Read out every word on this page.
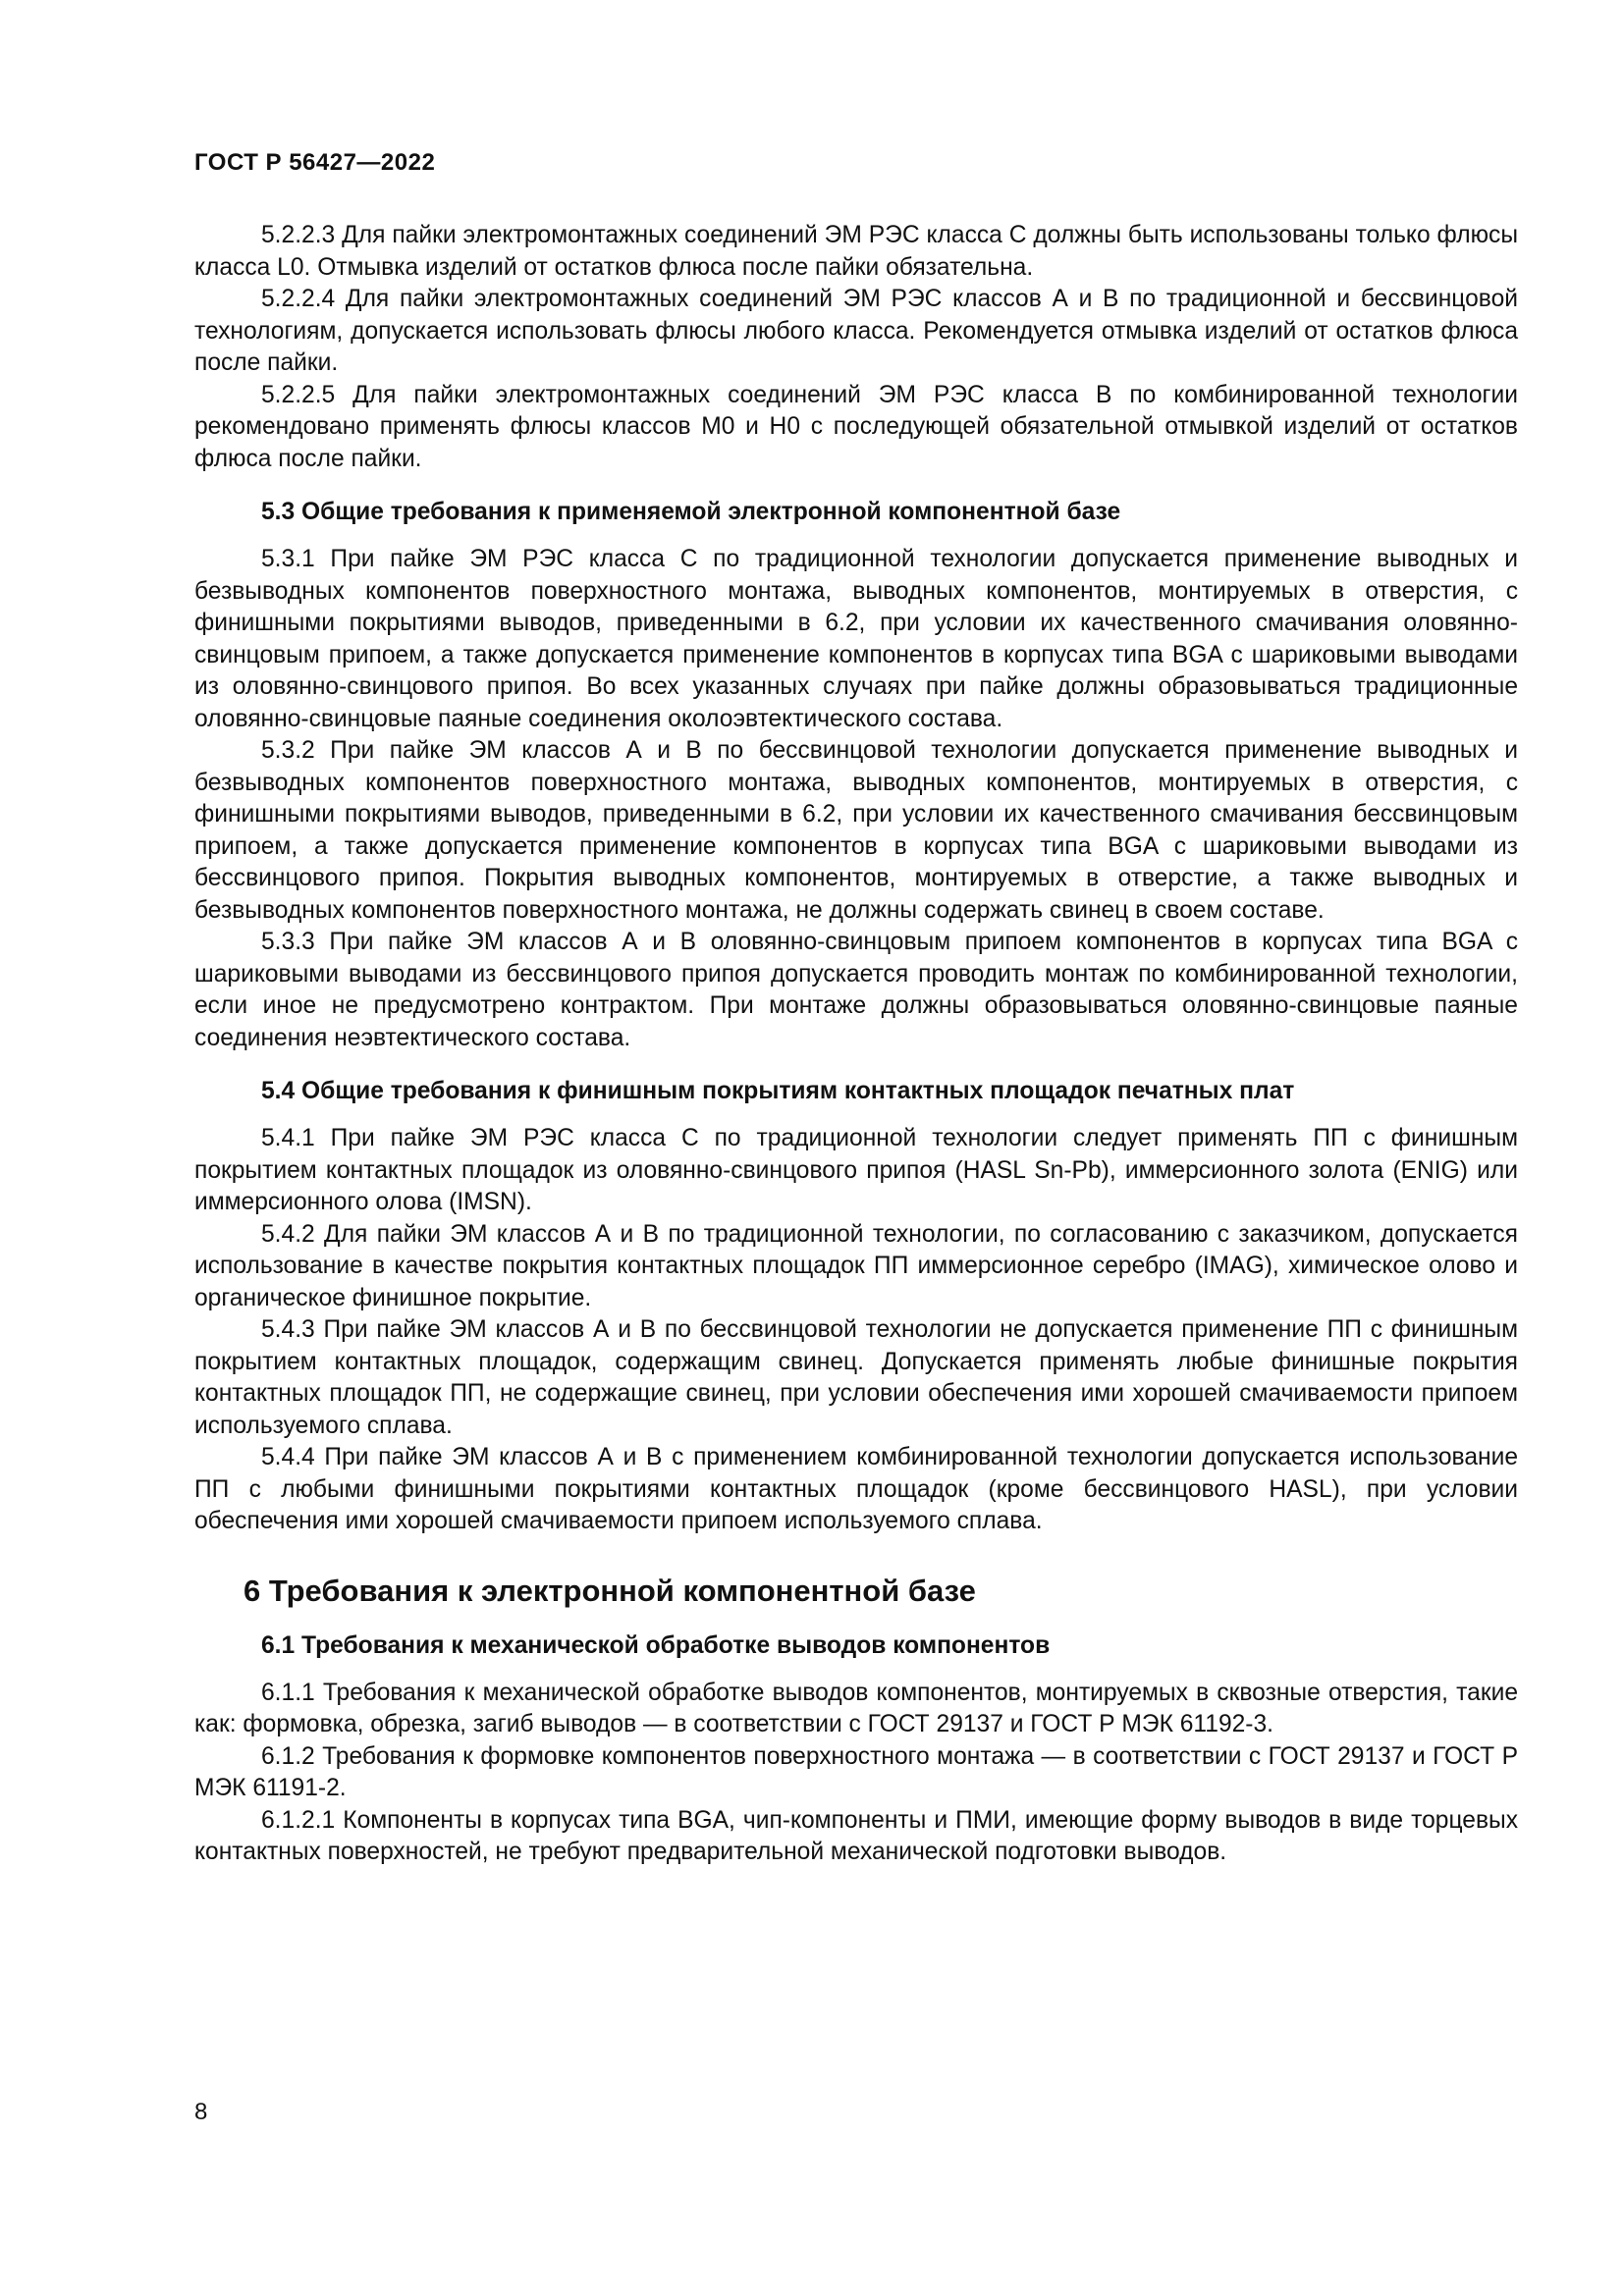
ГОСТ Р 56427—2022

5.2.2.3 Для пайки электромонтажных соединений ЭМ РЭС класса С должны быть использованы только флюсы класса L0. Отмывка изделий от остатков флюса после пайки обязательна.

5.2.2.4 Для пайки электромонтажных соединений ЭМ РЭС классов А и В по традиционной и бессвинцовой технологиям, допускается использовать флюсы любого класса. Рекомендуется отмывка изделий от остатков флюса после пайки.

5.2.2.5 Для пайки электромонтажных соединений ЭМ РЭС класса В по комбинированной технологии рекомендовано применять флюсы классов М0 и Н0 с последующей обязательной отмывкой изделий от остатков флюса после пайки.

5.3 Общие требования к применяемой электронной компонентной базе

5.3.1 При пайке ЭМ РЭС класса С по традиционной технологии допускается применение выводных и безвыводных компонентов поверхностного монтажа, выводных компонентов, монтируемых в отверстия, с финишными покрытиями выводов, приведенными в 6.2, при условии их качественного смачивания оловянно-свинцовым припоем, а также допускается применение компонентов в корпусах типа BGA с шариковыми выводами из оловянно-свинцового припоя. Во всех указанных случаях при пайке должны образовываться традиционные оловянно-свинцовые паяные соединения околоэвтектического состава.

5.3.2 При пайке ЭМ классов А и В по бессвинцовой технологии допускается применение выводных и безвыводных компонентов поверхностного монтажа, выводных компонентов, монтируемых в отверстия, с финишными покрытиями выводов, приведенными в 6.2, при условии их качественного смачивания бессвинцовым припоем, а также допускается применение компонентов в корпусах типа BGA с шариковыми выводами из бессвинцового припоя. Покрытия выводных компонентов, монтируемых в отверстие, а также выводных и безвыводных компонентов поверхностного монтажа, не должны содержать свинец в своем составе.

5.3.3 При пайке ЭМ классов А и В оловянно-свинцовым припоем компонентов в корпусах типа BGA с шариковыми выводами из бессвинцового припоя допускается проводить монтаж по комбинированной технологии, если иное не предусмотрено контрактом. При монтаже должны образовываться оловянно-свинцовые паяные соединения неэвтектического состава.

5.4 Общие требования к финишным покрытиям контактных площадок печатных плат

5.4.1 При пайке ЭМ РЭС класса С по традиционной технологии следует применять ПП с финишным покрытием контактных площадок из оловянно-свинцового припоя (HASL Sn-Pb), иммерсионного золота (ENIG) или иммерсионного олова (IMSN).

5.4.2 Для пайки ЭМ классов А и В по традиционной технологии, по согласованию с заказчиком, допускается использование в качестве покрытия контактных площадок ПП иммерсионное серебро (IMAG), химическое олово и органическое финишное покрытие.

5.4.3 При пайке ЭМ классов А и В по бессвинцовой технологии не допускается применение ПП с финишным покрытием контактных площадок, содержащим свинец. Допускается применять любые финишные покрытия контактных площадок ПП, не содержащие свинец, при условии обеспечения ими хорошей смачиваемости припоем используемого сплава.

5.4.4 При пайке ЭМ классов А и В с применением комбинированной технологии допускается использование ПП с любыми финишными покрытиями контактных площадок (кроме бессвинцового HASL), при условии обеспечения ими хорошей смачиваемости припоем используемого сплава.

6 Требования к электронной компонентной базе
6.1 Требования к механической обработке выводов компонентов

6.1.1 Требования к механической обработке выводов компонентов, монтируемых в сквозные отверстия, такие как: формовка, обрезка, загиб выводов — в соответствии с ГОСТ 29137 и ГОСТ Р МЭК 61192-3.

6.1.2 Требования к формовке компонентов поверхностного монтажа — в соответствии с ГОСТ 29137 и ГОСТ Р МЭК 61191-2.

6.1.2.1 Компоненты в корпусах типа BGA, чип-компоненты и ПМИ, имеющие форму выводов в виде торцевых контактных поверхностей, не требуют предварительной механической подготовки выводов.

8
